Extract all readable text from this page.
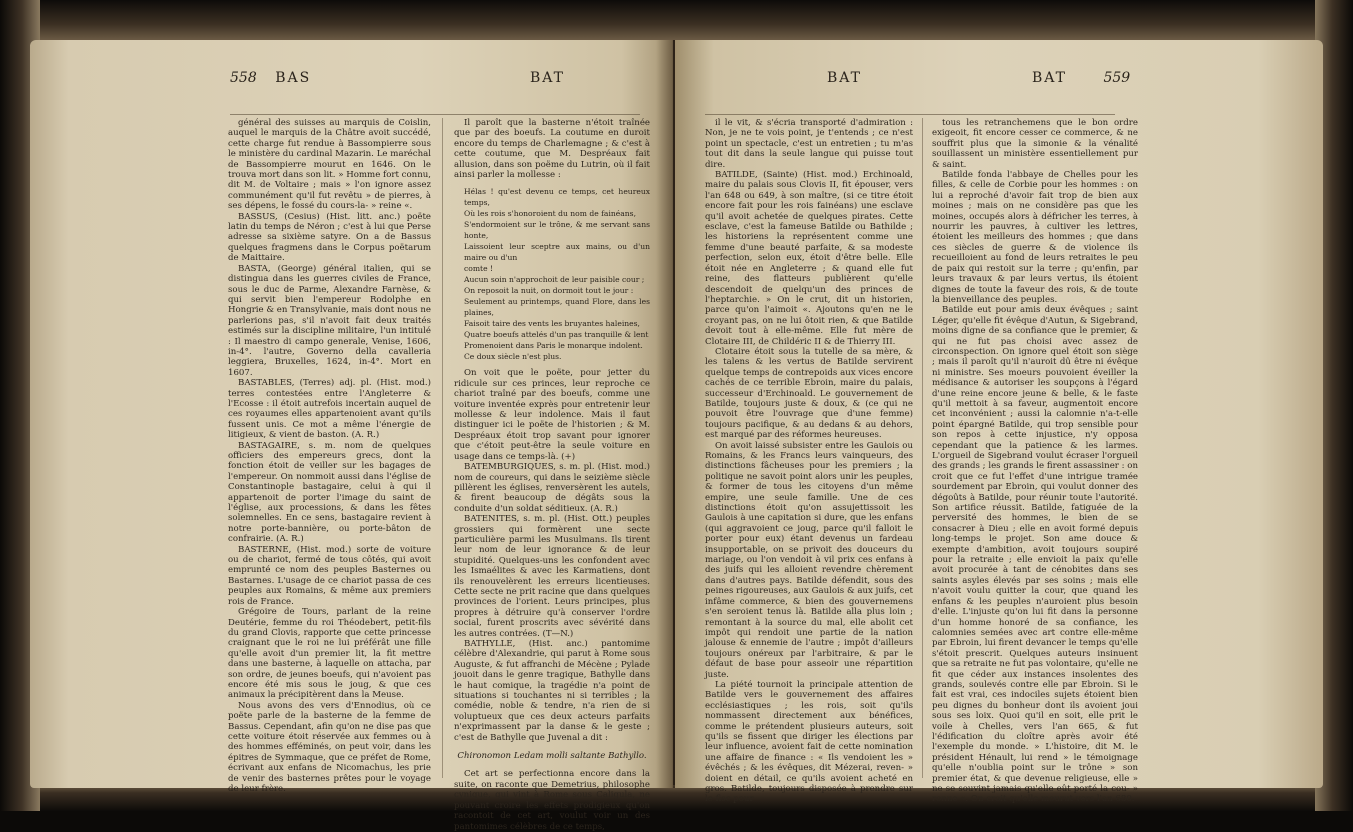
558 BAS	BAT

général des suisses au marquis de Coislin, auquel le marquis de la Châtre avoit succédé, cette charge fut rendue à Bassompierre sous le ministère du cardinal Mazarin. Le maréchal de Bassompierre mourut en 1646. On le trouva mort dans son lit. » Homme fort connu, dit M. de Voltaire ; mais » l'on ignore assez communément qu'il fut revêtu » de pierres, à ses dépens, le fossé du cours-la- » reine «.

BASSUS, (Cesius) (Hist. litt. anc.) poëte latin du temps de Néron ; c'est à lui que Perse adresse sa sixième satyre. On a de Bassus quelques fragmens dans le Corpus poëtarum de Maittaire.

BASTA, (George) général italien, qui se distingua dans les guerres civiles de France, sous le duc de Parme, Alexandre Farnèse, & qui servit bien l'empereur Rodolphe en Hongrie & en Transylvanie, mais dont nous ne parlerions pas, s'il n'avoit fait deux traités estimés sur la discipline militaire, l'un intitulé : Il maestro di campo generale, Venise, 1606, in-4°. l'autre, Governo della cavalleria leggiera, Bruxelles, 1624, in-4°. Mort en 1607.

BASTABLES, (Terres) adj. pl. (Hist. mod.) terres contestées entre l'Angleterre & l'Ecosse : il étoit autrefois incertain auquel de ces royaumes elles appartenoient avant qu'ils fussent unis. Ce mot a même l'énergie de litigieux, & vient de baston. (A. R.)

BASTAGAIRE, s. m. nom de quelques officiers des empereurs grecs, dont la fonction étoit de veiller sur les bagages de l'empereur. On nommoit aussi dans l'église de Constantinople bastagaire, celui à qui il appartenoit de porter l'image du saint de l'église, aux processions, & dans les fêtes solemnelles. En ce sens, bastagaire revient à notre porte-bannière, ou porte-bâton de confrairie. (A. R.)

BASTERNE, (Hist. mod.) sorte de voiture ou de chariot, fermé de tous côtés, qui avoit emprunté ce nom des peuples Basternes ou Bastarnes. L'usage de ce chariot passa de ces peuples aux Romains, & même aux premiers rois de France.

Grégoire de Tours, parlant de la reine Deutérie, femme du roi Théodebert, petit-fils du grand Clovis, rapporte que cette princesse craignant que le roi ne lui préférât une fille qu'elle avoit d'un premier lit, la fit mettre dans une basterne, à laquelle on attacha, par son ordre, de jeunes boeufs, qui n'avoient pas encore été mis sous le joug, & que ces animaux la précipitèrent dans la Meuse.

Nous avons des vers d'Ennodius, où ce poëte parle de la basterne de la femme de Bassus. Cependant, afin qu'on ne dise pas que cette voiture étoit réservée aux femmes ou à des hommes efféminés, on peut voir, dans les épitres de Symmaque, que ce préfet de Rome, écrivant aux enfans de Nicomachus, les prie de venir des basternes prêtes pour le voyage de leur frère.

Il paroît que la basterne n'étoit traînée que par des boeufs. La coutume en duroit encore du temps de Charlemagne ; & c'est à cette coutume, que M. Despréaux fait allusion, dans son poëme du Lutrin, où il fait ainsi parler la mollesse :

Hélas ! qu'est devenu ce temps, cet heureux temps,
Où les rois s'honoroient du nom de fainéans,
S'endormoient sur le trône, & me servant sans honte,
Laissoient leur sceptre aux mains, ou d'un maire ou d'un
comte !
Aucun soin n'approchoit de leur paisible cour ;
On reposoit la nuit, on dormoit tout le jour :
Seulement au printemps, quand Flore, dans les plaines,
Faisoit taire des vents les bruyantes haleines,
Quatre boeufs attelés d'un pas tranquille & lent
Promenoient dans Paris le monarque indolent.
Ce doux siècle n'est plus.

On voit que le poëte, pour jetter du ridicule sur ces princes, leur reproche ce chariot traîné par des boeufs, comme une voiture inventée exprès pour entretenir leur mollesse & leur indolence. Mais il faut distinguer ici le poëte de l'historien ; & M. Despréaux étoit trop savant pour ignorer que c'étoit peut-être la seule voiture en usage dans ce temps-là. (+)

BATEMBURGIQUES, s. m. pl. (Hist. mod.) nom de coureurs, qui dans le seizième siècle pillèrent les églises, renversèrent les autels, & firent beaucoup de dégâts sous la conduite d'un soldat séditieux. (A. R.)

BATENITES, s. m. pl. (Hist. Ott.) peuples grossiers qui formèrent une secte particulière parmi les Musulmans. Ils tirent leur nom de leur ignorance & de leur stupidité. Quelques-uns les confondent avec les Ismaélites & avec les Karmatiens, dont ils renouvelèrent les erreurs licentieuses. Cette secte ne prit racine que dans quelques provinces de l'orient. Leurs principes, plus propres à détruire qu'à conserver l'ordre social, furent proscrits avec sévérité dans les autres contrées. (T—N.)

BATHYLLE, (Hist. anc.) pantomime célèbre d'Alexandrie, qui parut à Rome sous Auguste, & fut affranchi de Mécène ; Pylade jouoit dans le genre tragique, Bathylle dans le haut comique, la tragédie n'a point de situations si touchantes ni si terribles ; la comédie, noble & tendre, n'a rien de si voluptueux que ces deux acteurs parfaits n'exprimassent par la danse & le geste ; c'est de Bathylle que Juvenal a dit :

Chironomon Ledam molli saltante Bathyllo.

Cet art se perfectionna encore dans la suite, on raconte que Demetrius, philosophe cynique, qui vint à Rome sous Caligula, ne pouvant croire les effets prodigieux qu'on racontoit de cet art, voulut voir un des pantomimes célèbres de ce temps,

BAT	BAT	559

il le vit, & s'écria transporté d'admiration : Non, je ne te vois point, je t'entends ; ce n'est point un spectacle, c'est un entretien ; tu m'as tout dit dans la seule langue qui puisse tout dire.

BATILDE, (Sainte) (Hist. mod.) Erchinoald, maire du palais sous Clovis II, fit épouser, vers l'an 648 ou 649, à son maître, (si ce titre étoit encore fait pour les rois fainéans) une esclave qu'il avoit achetée de quelques pirates. Cette esclave, c'est la fameuse Batilde ou Bathilde ; les historiens la représentent comme une femme d'une beauté parfaite, & sa modeste perfection, selon eux, étoit d'être belle. Elle étoit née en Angleterre ; & quand elle fut reine, des flatteurs publièrent qu'elle descendoit de quelqu'un des princes de l'heptarchie. » On le crut, dit un historien, parce qu'on l'aimoit «. Ajoutons qu'en ne le croyant pas, on ne lui ôtoit rien, & que Batilde devoit tout à elle-même. Elle fut mère de Clotaire III, de Childéric II & de Thierry III.

Clotaire étoit sous la tutelle de sa mère, & les talens & les vertus de Batilde servirent quelque temps de contrepoids aux vices encore cachés de ce terrible Ebroin, maire du palais, successeur d'Erchinoald. Le gouvernement de Batilde, toujours juste & doux, & (ce qui ne pouvoit être l'ouvrage que d'une femme) toujours pacifique, & au dedans & au dehors, est marqué par des réformes heureuses.

On avoit laissé subsister entre les Gaulois ou Romains, & les Francs leurs vainqueurs, des distinctions fâcheuses pour les premiers ; la politique ne savoit point alors unir les peuples, & former de tous les citoyens d'un même empire, une seule famille. Une de ces distinctions étoit qu'on assujettissoit les Gaulois à une capitation si dure, que les enfans (qui aggravoient ce joug, parce qu'il falloit le porter pour eux) étant devenus un fardeau insupportable, on se privoit des douceurs du mariage, ou l'on vendoit à vil prix ces enfans à des juifs qui les alloient revendre chèrement dans d'autres pays. Batilde défendit, sous des peines rigoureuses, aux Gaulois & aux juifs, cet infâme commerce, & bien des gouvernemens s'en seroient tenus là. Batilde alla plus loin ; remontant à la source du mal, elle abolit cet impôt qui rendoit une partie de la nation jalouse & ennemie de l'autre ; impôt d'ailleurs toujours onéreux par l'arbitraire, & par le défaut de base pour asseoir une répartition juste.

La piété tournoit la principale attention de Batilde vers le gouvernement des affaires ecclésiastiques ; les rois, soit qu'ils nommassent directement aux bénéfices, comme le prétendent plusieurs auteurs, soit qu'ils se fissent que diriger les élections par leur influence, avoient fait de cette nomination une affaire de finance : « Ils vendoient les » évêchés ; & les évêques, dit Mézerai, reven- » doient en détail, ce qu'ils avoient acheté en gros. Batilde, toujours disposée à prendre sur le fisc pour

tous les retranchemens que le bon ordre exigeoit, fit encore cesser ce commerce, & ne souffrit plus que la simonie & la vénalité souillassent un ministère essentiellement pur & saint.

Batilde fonda l'abbaye de Chelles pour les filles, & celle de Corbie pour les hommes : on lui a reproché d'avoir fait trop de bien aux moines ; mais on ne considère pas que les moines, occupés alors à défricher les terres, à nourrir les pauvres, à cultiver les lettres, étoient les meilleurs des hommes ; que dans ces siècles de guerre & de violence ils recueilloient au fond de leurs retraites le peu de paix qui restoit sur la terre ; qu'enfin, par leurs travaux & par leurs vertus, ils étoient dignes de toute la faveur des rois, & de toute la bienveillance des peuples.

Batilde eut pour amis deux évêques ; saint Léger, qu'elle fit évêque d'Autun, & Sigebrand, moins digne de sa confiance que le premier, & qui ne fut pas choisi avec assez de circonspection. On ignore quel étoit son siège ; mais il paroît qu'il n'auroit dû être ni évêque ni ministre. Ses moeurs pouvoient éveiller la médisance & autoriser les soupçons à l'égard d'une reine encore jeune & belle, & le faste qu'il mettoit à sa faveur, augmentoit encore cet inconvénient ; aussi la calomnie n'a-t-elle point épargné Batilde, qui trop sensible pour son repos à cette injustice, n'y opposa cependant que la patience & les larmes. L'orgueil de Sigebrand voulut écraser l'orgueil des grands ; les grands le firent assassiner : on croit que ce fut l'effet d'une intrigue tramée sourdement par Ebroin, qui voulut donner des dégoûts à Batilde, pour réunir toute l'autorité. Son artifice réussit. Batilde, fatiguée de la perversité des hommes, le bien de se consacrer à Dieu ; elle en avoit formé depuis long-temps le projet. Son ame douce & exempte d'ambition, avoit toujours soupiré pour la retraite ; elle envioit la paix qu'elle avoit procurée à tant de cénobites dans ses saints asyles élevés par ses soins ; mais elle n'avoit voulu quitter la cour, que quand les enfans & les peuples n'auroient plus besoin d'elle. L'injuste qu'on lui fit dans la personne d'un homme honoré de sa confiance, les calomnies semées avec art contre elle-même par Ebroin, lui firent devancer le temps qu'elle s'étoit prescrit. Quelques auteurs insinuent que sa retraite ne fut pas volontaire, qu'elle ne fit que céder aux instances insolentes des grands, soulevés contre elle par Ebroin. Si le fait est vrai, ces indociles sujets étoient bien peu dignes du bonheur dont ils avoient joui sous ses loix. Quoi qu'il en soit, elle prit le voile à Chelles, vers l'an 665, & fut l'édification du cloître après avoir été l'exemple du monde. » L'histoire, dit M. le président Hénault, lui rend » le témoignage qu'elle n'oublia point sur le trône » son premier état, & que devenue religieuse, elle » ne se souvint jamais qu'elle eût porté la cou- » ronne «. On croit qu'elle mourut vers l'an 680.
